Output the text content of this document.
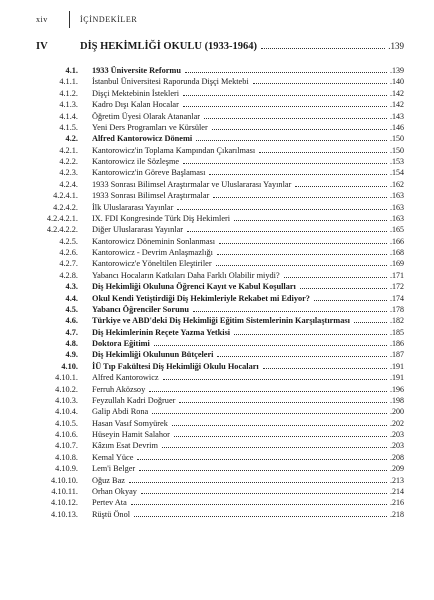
xiv	İÇİNDEKİLER
IV	DİŞ HEKİMLİĞİ OKULU (1933-1964)	.139
4.1. 1933 Üniversite Reformu	.139
4.1.1. İstanbul Üniversitesi Raporunda Dişçi Mektebi	.140
4.1.2. Dişçi Mektebinin İstekleri	.142
4.1.3. Kadro Dışı Kalan Hocalar	.142
4.1.4. Öğretim Üyesi Olarak Atananlar	.143
4.1.5. Yeni Ders Programları ve Kürsüler	.146
4.2. Alfred Kantorowicz Dönemi	.150
4.2.1. Kantorowicz'in Toplama Kampından Çıkarılması	.150
4.2.2. Kantorowicz ile Sözleşme	.153
4.2.3. Kantorowicz'in Göreve Başlaması	.154
4.2.4. 1933 Sonrası Bilimsel Araştırmalar ve Uluslararası Yayınlar	.162
4.2.4.1. 1933 Sonrası Bilimsel Araştırmalar	.163
4.2.4.2. İlk Uluslararası Yayınlar	.163
4.2.4.2.1. IX. FDI Kongresinde Türk Diş Hekimleri	.163
4.2.4.2.2. Diğer Uluslararası Yayınlar	.165
4.2.5. Kantorowicz Döneminin Sonlanması	.166
4.2.6. Kantorowicz - Devrim Anlaşmazlığı	.168
4.2.7. Kantorowicz'e Yöneltilen Eleştiriler	.169
4.2.8. Yabancı Hocaların Katkıları Daha Farklı Olabilir miydi?	.171
4.3. Diş Hekimliği Okuluna Öğrenci Kayıt ve Kabul Koşulları	.172
4.4. Okul Kendi Yetiştirdiği Diş Hekimleriyle Rekabet mi Ediyor?	.174
4.5. Yabancı Öğrenciler Sorunu	.178
4.6. Türkiye ve ABD'deki Diş Hekimliği Eğitim Sistemlerinin Karşılaştırması	.182
4.7. Diş Hekimlerinin Reçete Yazma Yetkisi	.185
4.8. Doktora Eğitimi	.186
4.9. Diş Hekimliği Okulunun Bütçeleri	.187
4.10. İÜ Tıp Fakültesi Diş Hekimliği Okulu Hocaları	.191
4.10.1. Alfred Kantorowicz	.191
4.10.2. Ferruh Aközsoy	.196
4.10.3. Feyzullah Kadri Doğruer	.198
4.10.4. Galip Abdi Rona	.200
4.10.5. Hasan Vasıf Somyürek	.202
4.10.6. Hüseyin Hamit Salahor	.203
4.10.7. Kâzım Esat Devrim	.203
4.10.8. Kemal Yüce	.208
4.10.9. Lem'i Belger	.209
4.10.10. Oğuz Baz	.213
4.10.11. Orhan Okyay	.214
4.10.12. Pertev Ata	.216
4.10.13. Rüştü Önol	.218
